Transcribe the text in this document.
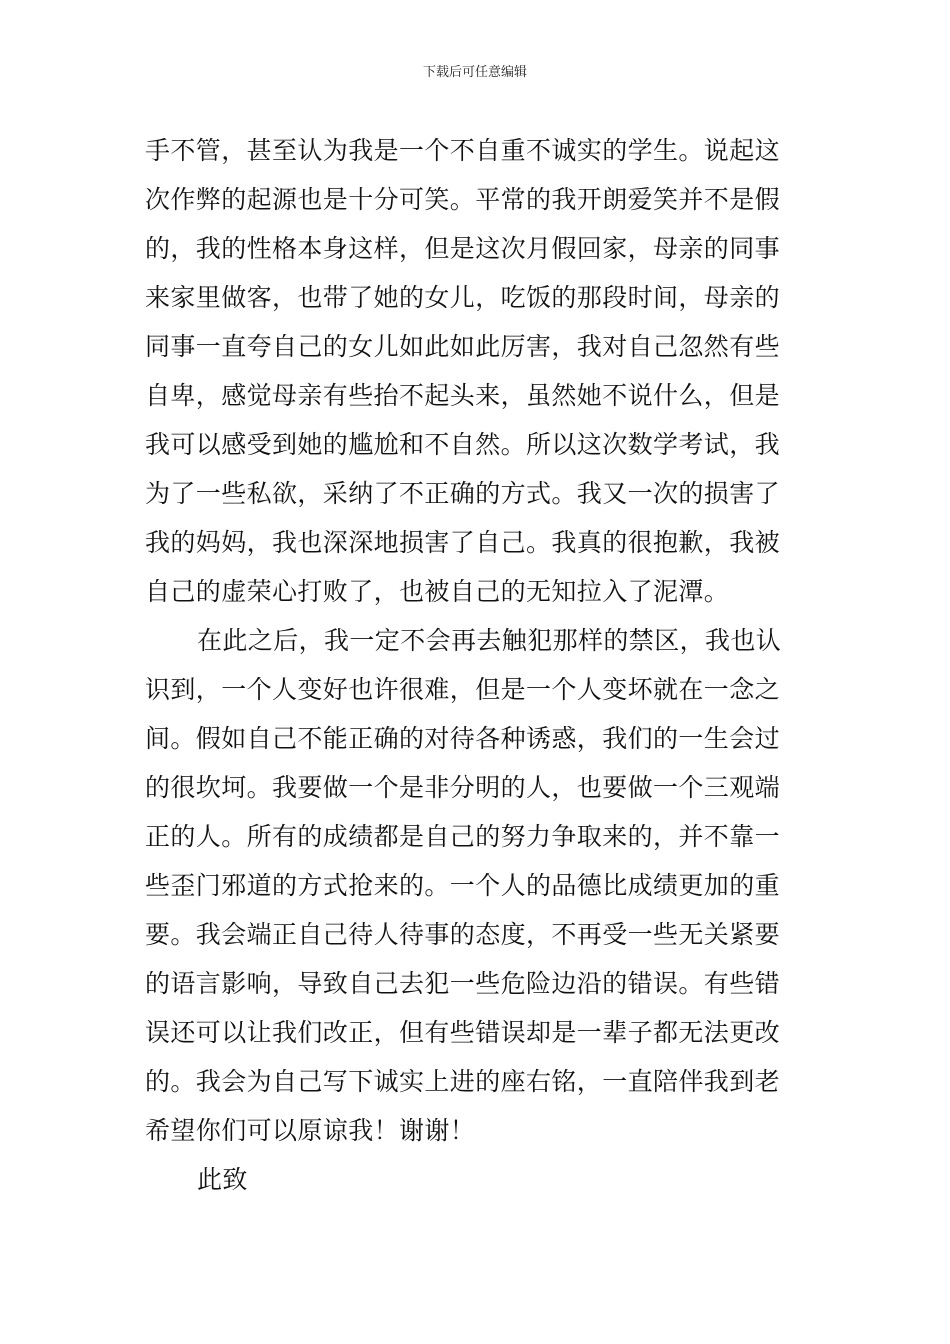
下载后可任意编辑
手不管，甚至认为我是一个不自重不诚实的学生。说起这
次作弊的起源也是十分可笑。平常的我开朗爱笑并不是假
的，我的性格本身这样，但是这次月假回家，母亲的同事
来家里做客，也带了她的女儿，吃饭的那段时间，母亲的
同事一直夸自己的女儿如此如此厉害，我对自己忽然有些
自卑，感觉母亲有些抬不起头来，虽然她不说什么，但是
我可以感受到她的尴尬和不自然。所以这次数学考试，我
为了一些私欲，采纳了不正确的方式。我又一次的损害了
我的妈妈，我也深深地损害了自己。我真的很抱歉，我被
自己的虚荣心打败了，也被自己的无知拉入了泥潭。
在此之后，我一定不会再去触犯那样的禁区，我也认
识到，一个人变好也许很难，但是一个人变坏就在一念之
间。假如自己不能正确的对待各种诱惑，我们的一生会过
的很坎坷。我要做一个是非分明的人，也要做一个三观端
正的人。所有的成绩都是自己的努力争取来的，并不靠一
些歪门邪道的方式抢来的。一个人的品德比成绩更加的重
要。我会端正自己待人待事的态度，不再受一些无关紧要
的语言影响，导致自己去犯一些危险边沿的错误。有些错
误还可以让我们改正，但有些错误却是一辈子都无法更改
的。我会为自己写下诚实上进的座右铭，一直陪伴我到老
希望你们可以原谅我！谢谢！
此致
